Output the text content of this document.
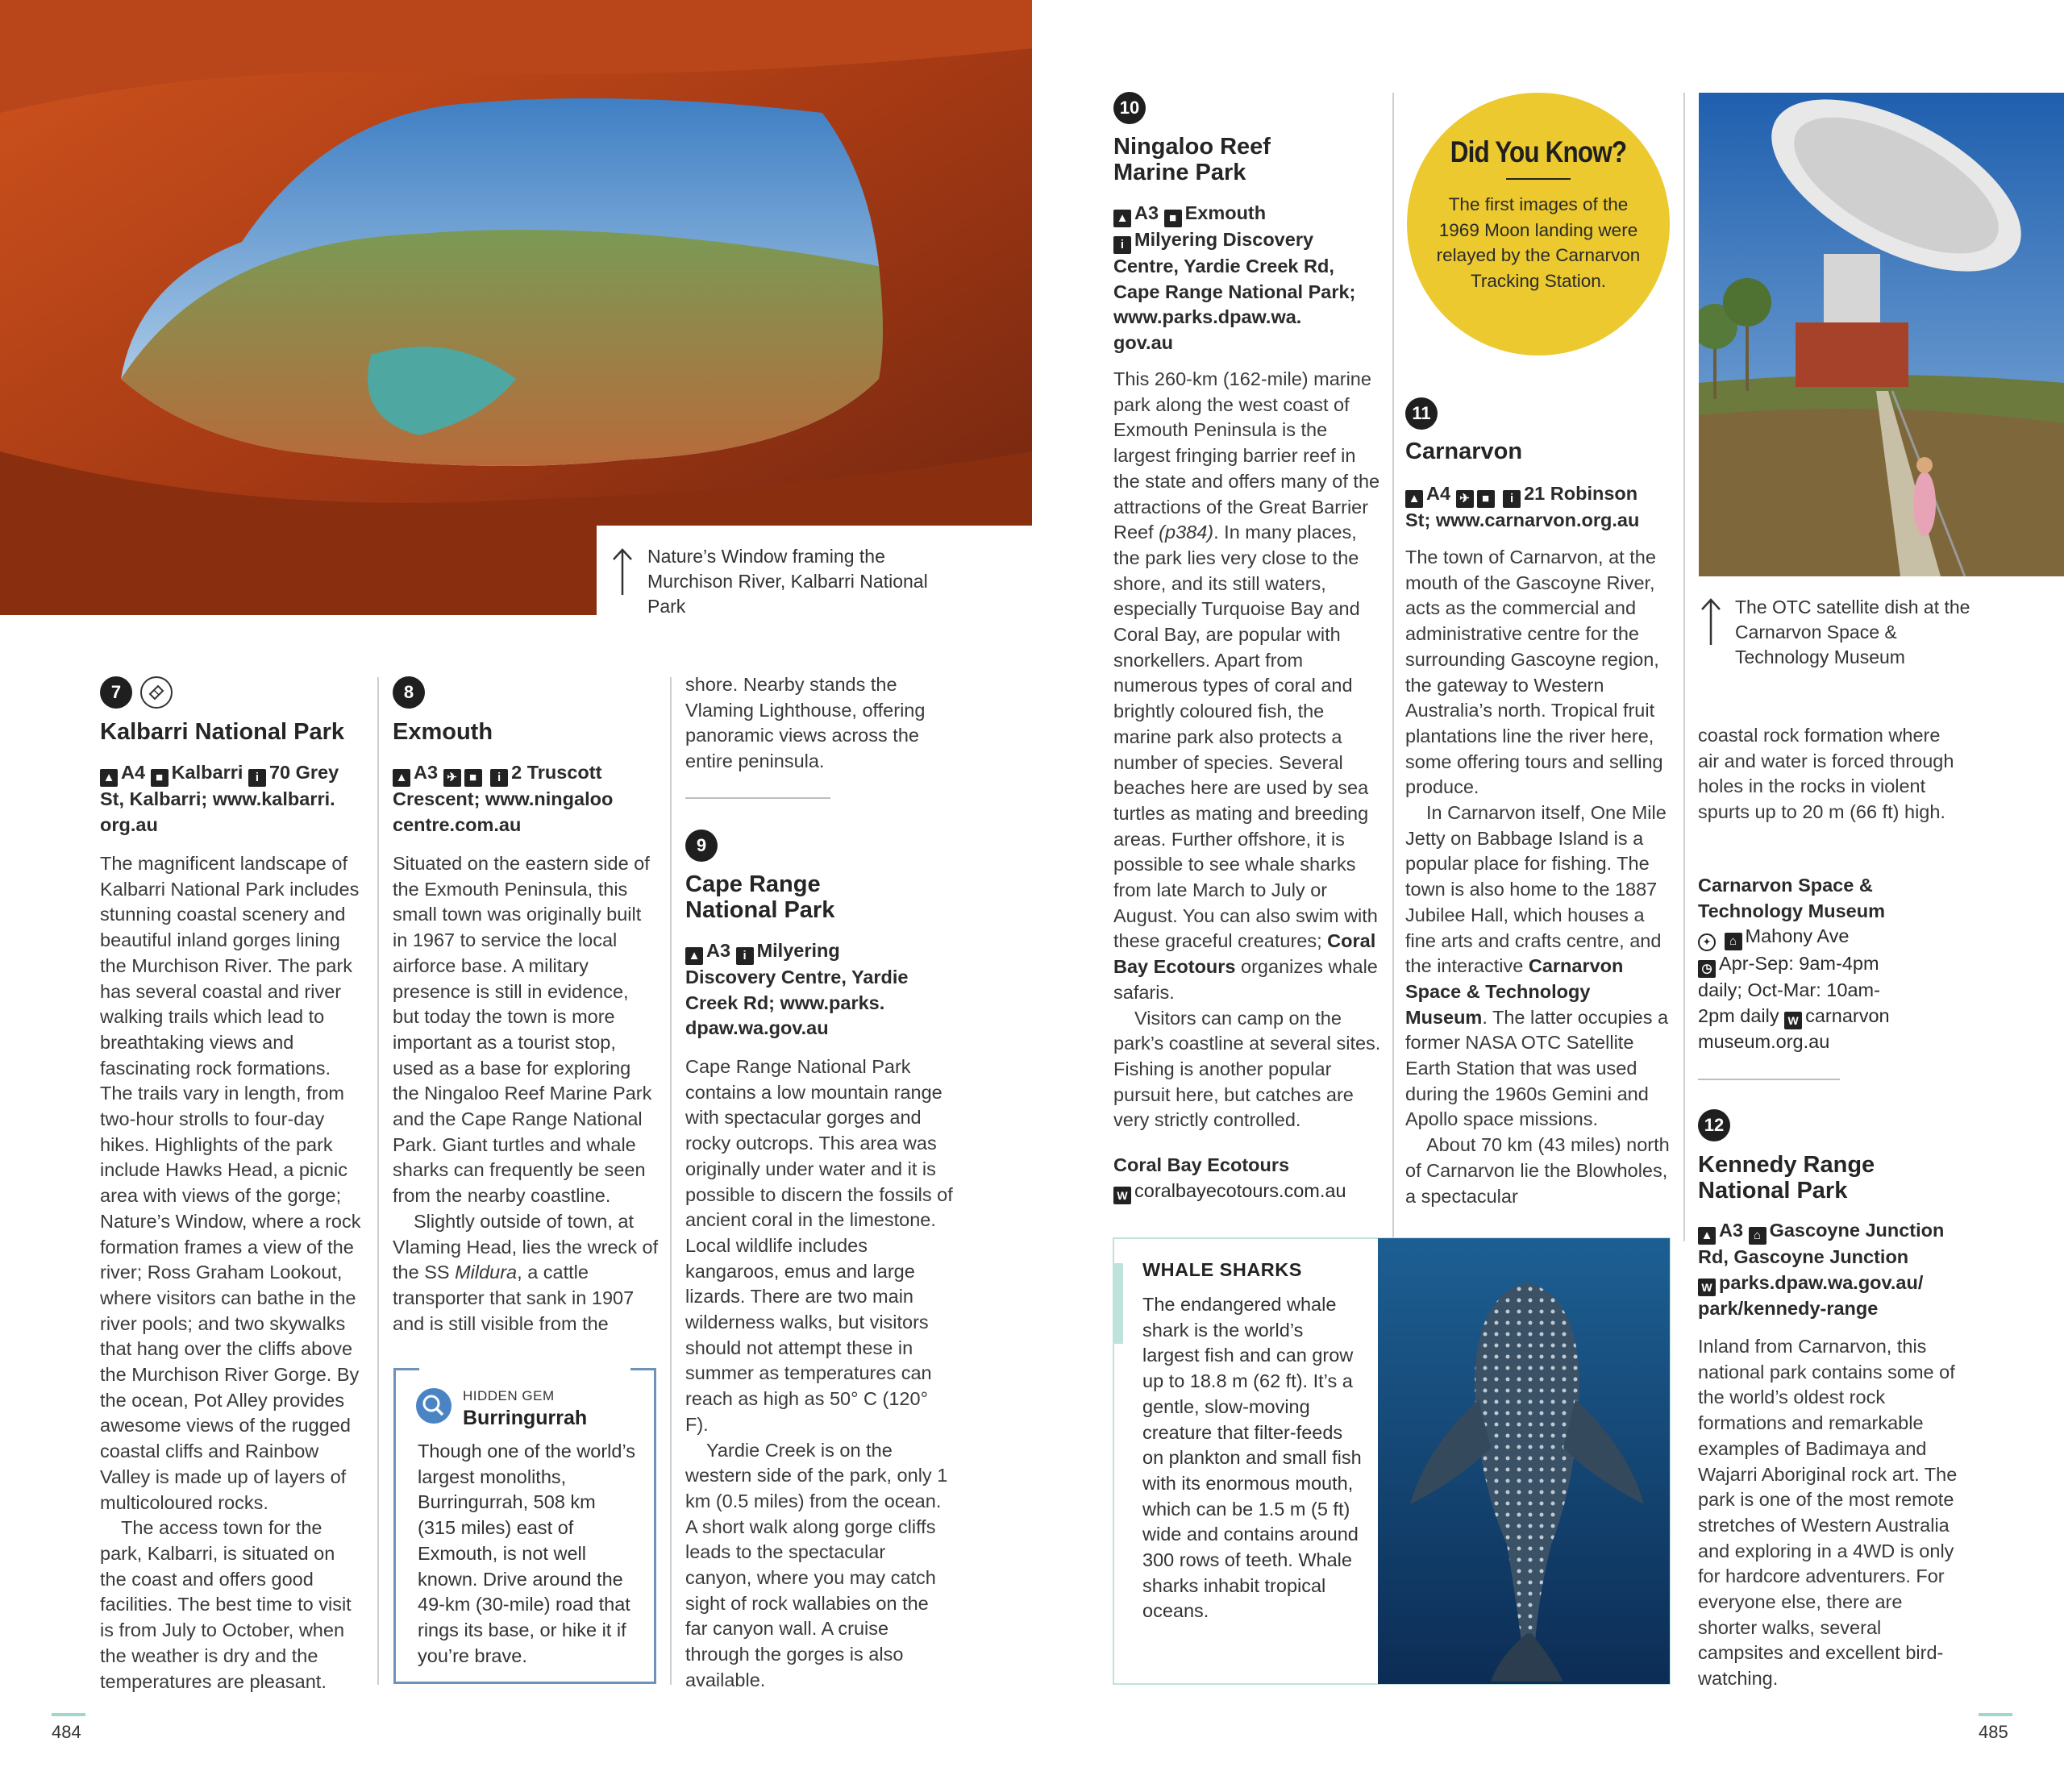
Nature’s Window framing the Murchison River, Kalbarri National Park
7
Kalbarri National Park
▲ A4 ■ Kalbarri i 70 Grey
St, Kalbarri; www.kalbarri.
org.au

The magnificent landscape of Kalbarri National Park includes stunning coastal scenery and beautiful inland gorges lining the Murchison River. The park has several coastal and river walking trails which lead to breathtaking views and fascinating rock formations. The trails vary in length, from two-hour strolls to four-day hikes. Highlights of the park include Hawks Head, a picnic area with views of the gorge; Nature’s Window, where a rock formation frames a view of the river; Ross Graham Lookout, where visitors can bathe in the river pools; and two skywalks that hang over the cliffs above the Murchison River Gorge. By the ocean, Pot Alley provides awesome views of the rugged coastal cliffs and Rainbow Valley is made up of layers of multicoloured rocks.

The access town for the park, Kalbarri, is situated on the coast and offers good facilities. The best time to visit is from July to October, when the weather is dry and the temperatures are pleasant.

8
Exmouth
▲ A3 ✈ ■ i 2 Truscott
Crescent; www.ningaloo
centre.com.au

Situated on the eastern side of the Exmouth Peninsula, this small town was originally built in 1967 to service the local airforce base. A military presence is still in evidence, but today the town is more important as a tourist stop, used as a base for exploring the Ningaloo Reef Marine Park and the Cape Range National Park. Giant turtles and whale sharks can frequently be seen from the nearby coastline.

Slightly outside of town, at Vlaming Head, lies the wreck of the SS Mildura, a cattle transporter that sank in 1907 and is still visible from the

HIDDEN GEM
Burringurrah
Though one of the world’s largest monoliths, Burringurrah, 508 km (315 miles) east of Exmouth, is not well known. Drive around the 49-km (30-mile) road that rings its base, or hike it if you’re brave.
shore. Nearby stands the Vlaming Lighthouse, offering panoramic views across the entire peninsula.
9
Cape Range
National Park
▲ A3 i Milyering
Discovery Centre, Yardie
Creek Rd; www.parks.
dpaw.wa.gov.au

Cape Range National Park contains a low mountain range with spectacular gorges and rocky outcrops. This area was originally under water and it is possible to discern the fossils of ancient coral in the limestone. Local wildlife includes kangaroos, emus and large lizards. There are two main wilderness walks, but visitors should not attempt these in summer as temperatures can reach as high as 50° C (120° F).

Yardie Creek is on the western side of the park, only 1 km (0.5 miles) from the ocean. A short walk along gorge cliffs leads to the spectacular canyon, where you may catch sight of rock wallabies on the far canyon wall. A cruise through the gorges is also available.

484
10
Ningaloo Reef
Marine Park
▲ A3 ■ Exmouth
i Milyering Discovery
Centre, Yardie Creek Rd,
Cape Range National Park;
www.parks.dpaw.wa.
gov.au

This 260-km (162-mile) marine park along the west coast of Exmouth Peninsula is the largest fringing barrier reef in the state and offers many of the attractions of the Great Barrier Reef (p384). In many places, the park lies very close to the shore, and its still waters, especially Turquoise Bay and Coral Bay, are popular with snorkellers. Apart from numerous types of coral and brightly coloured fish, the marine park also protects a number of species. Several beaches here are used by sea turtles as mating and breeding areas. Further offshore, it is possible to see whale sharks from late March to July or August. You can also swim with these graceful creatures; Coral Bay Ecotours organizes whale safaris.

Visitors can camp on the park’s coastline at several sites. Fishing is another popular pursuit here, but catches are very strictly controlled.

Coral Bay Ecotours
W coralbayecotours.com.au
Did You Know?
The first images of the 1969 Moon landing were relayed by the Carnarvon Tracking Station.
11
Carnarvon
▲ A4 ✈ ■ i 21 Robinson
St; www.carnarvon.org.au

The town of Carnarvon, at the mouth of the Gascoyne River, acts as the commercial and administrative centre for the surrounding Gascoyne region, the gateway to Western Australia’s north. Tropical fruit plantations line the river here, some offering tours and selling produce.

In Carnarvon itself, One Mile Jetty on Babbage Island is a popular place for fishing. The town is also home to the 1887 Jubilee Hall, which houses a fine arts and crafts centre, and the interactive Carnarvon Space & Technology Museum. The latter occupies a former NASA OTC Satellite Earth Station that was used during the 1960s Gemini and Apollo space missions.

About 70 km (43 miles) north of Carnarvon lie the Blowholes, a spectacular

The OTC satellite dish at the Carnarvon Space & Technology Museum
coastal rock formation where air and water is forced through holes in the rocks in violent spurts up to 20 m (66 ft) high.
Carnarvon Space &
Technology Museum
✦ ⌂ Mahony Ave
◷ Apr-Sep: 9am-4pm
daily; Oct-Mar: 10am-
2pm daily W carnarvon
museum.org.au
12
Kennedy Range
National Park
▲ A3 ⌂ Gascoyne Junction
Rd, Gascoyne Junction
W parks.dpaw.wa.gov.au/
park/kennedy-range
Inland from Carnarvon, this national park contains some of the world’s oldest rock formations and remarkable examples of Badimaya and Wajarri Aboriginal rock art. The park is one of the most remote stretches of Western Australia and exploring in a 4WD is only for hardcore adventurers. For everyone else, there are shorter walks, several campsites and excellent bird-watching.
WHALE SHARKS
The endangered whale shark is the world’s largest fish and can grow up to 18.8 m (62 ft). It’s a gentle, slow-moving creature that filter-feeds on plankton and small fish with its enormous mouth, which can be 1.5 m (5 ft) wide and contains around 300 rows of teeth. Whale sharks inhabit tropical oceans.
485
